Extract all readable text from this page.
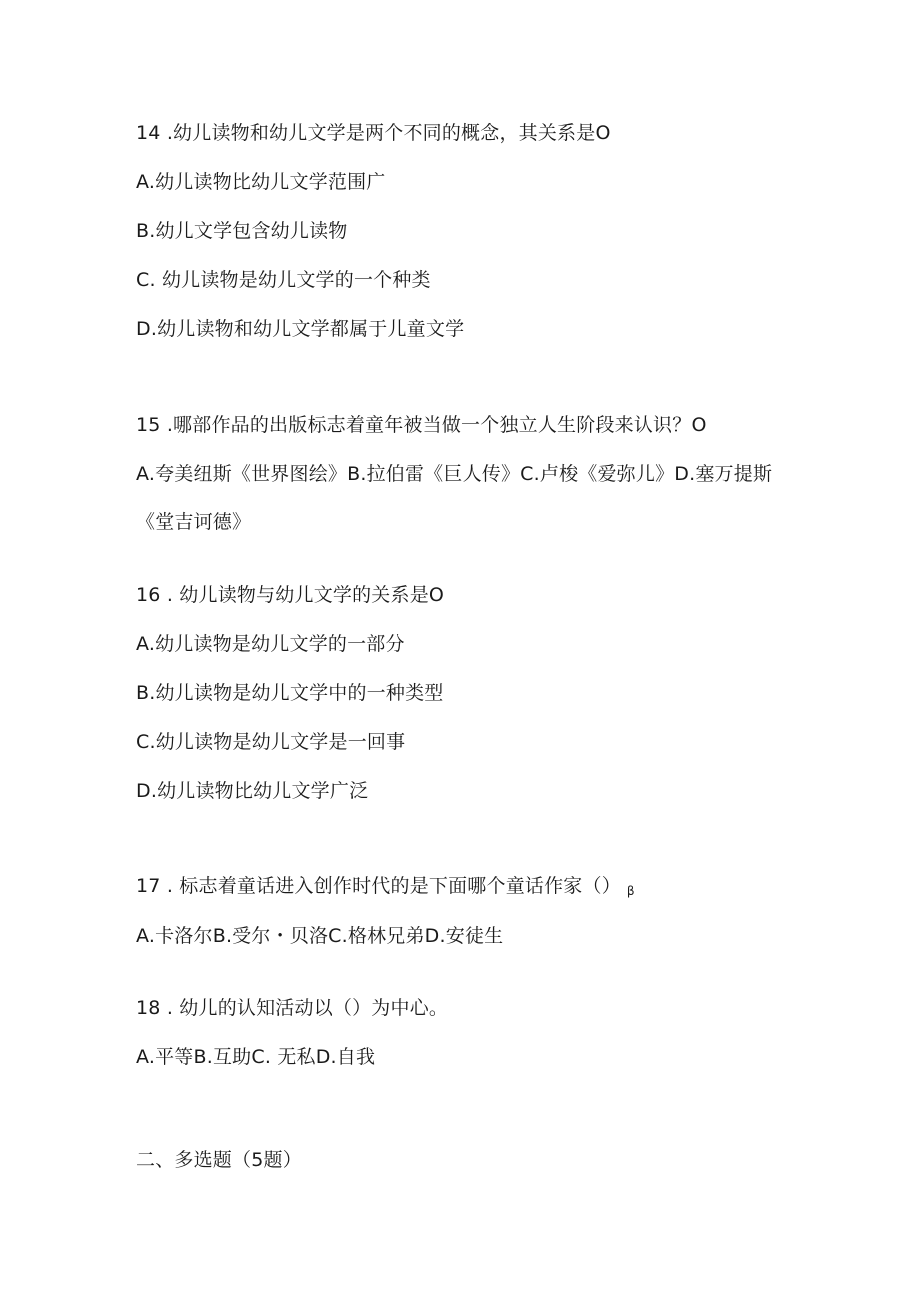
14 .幼儿读物和幼儿文学是两个不同的概念，其关系是O
A.幼儿读物比幼儿文学范围广
B.幼儿文学包含幼儿读物
C. 幼儿读物是幼儿文学的一个种类
D.幼儿读物和幼儿文学都属于儿童文学
15 .哪部作品的出版标志着童年被当做一个独立人生阶段来认识？O
A.夸美纽斯《世界图绘》B.拉伯雷《巨人传》C.卢梭《爱弥儿》D.塞万提斯
《堂吉诃德》
16 . 幼儿读物与幼儿文学的关系是O
A.幼儿读物是幼儿文学的一部分
B.幼儿读物是幼儿文学中的一种类型
C.幼儿读物是幼儿文学是一回事
D.幼儿读物比幼儿文学广泛
17 . 标志着童话进入创作时代的是下面哪个童话作家（） $_\beta$
A.卡洛尔B.受尔・贝洛C.格林兄弟D.安徒生
18 . 幼儿的认知活动以（）为中心。
A.平等B.互助C. 无私D.自我
二、多选题（5题）
